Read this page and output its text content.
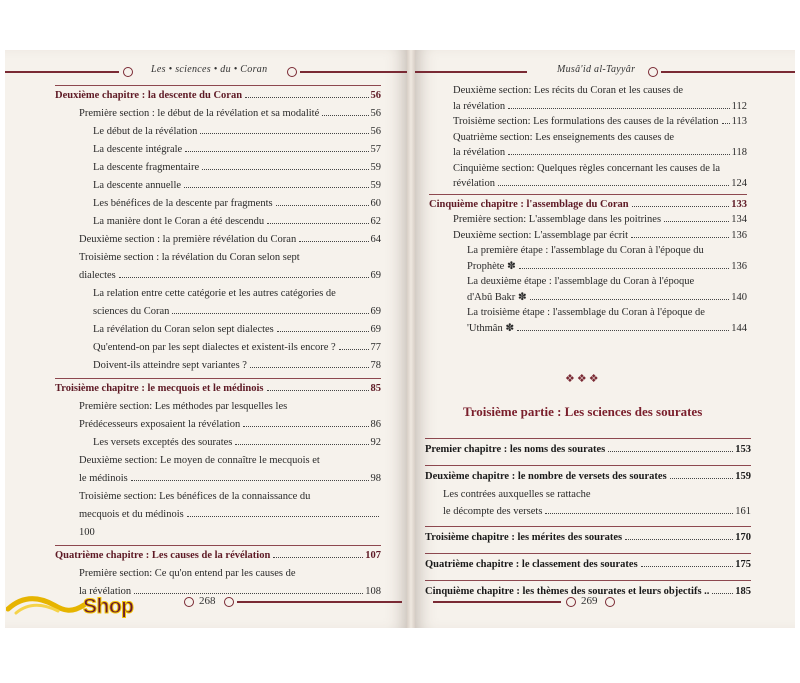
Les • sciences • du • Coran
Deuxième chapitre : la descente du Coran	56
Première section : le début de la révélation et sa modalité	56
Le début de la révélation	56
La descente intégrale	57
La descente fragmentaire	59
La descente annuelle	59
Les bénéfices de la descente par fragments	60
La manière dont le Coran a été descendu	62
Deuxième section : la première révélation du Coran	64
Troisième section : la révélation du Coran selon sept
dialectes	69
La relation entre cette catégorie et les autres catégories de
sciences du Coran	69
La révélation du Coran selon sept dialectes	69
Qu'entend-on par les sept dialectes et existent-ils encore ?	77
Doivent-ils atteindre sept variantes ?	78
Troisième chapitre : le mecquois et le médinois	85
Première section: Les méthodes par lesquelles les
Prédécesseurs exposaient la révélation	86
Les versets exceptés des sourates	92
Deuxième section: Le moyen de connaître le mecquois et
le médinois	98
Troisième section: Les bénéfices de la connaissance du
mecquois et du médinois
100
Quatrième chapitre : Les causes de la révélation	107
Première section: Ce qu'on entend par les causes de
la révélation	108
268
Musâ'id al-Tayyâr
Deuxième section: Les récits du Coran et les causes de
la révélation	112
Troisième section: Les formulations des causes de la révélation 113
Quatrième section: Les enseignements des causes de
la révélation	118
Cinquième section: Quelques règles concernant les causes de la
révélation	124
Cinquième chapitre : l'assemblage du Coran	133
Première section: L'assemblage dans les poitrines	134
Deuxième section: L'assemblage par écrit	136
La première étape : l'assemblage du Coran à l'époque du
Prophète ✽	136
La deuxième étape : l'assemblage du Coran à l'époque
d'Abû Bakr ✽	140
La troisième étape : l'assemblage du Coran à l'époque de
'Uthmân ✽	144
❖❖❖
Troisième partie : Les sciences des sourates
Premier chapitre : les noms des sourates	153
Deuxième chapitre : le nombre de versets des sourates	159
Les contrées auxquelles se rattache
le décompte des versets	161
Troisième chapitre : les mérites des sourates	170
Quatrième chapitre : le classement des sourates	175
Cinquième chapitre : les thèmes des sourates et leurs objectifs .. 185
269
Shop
